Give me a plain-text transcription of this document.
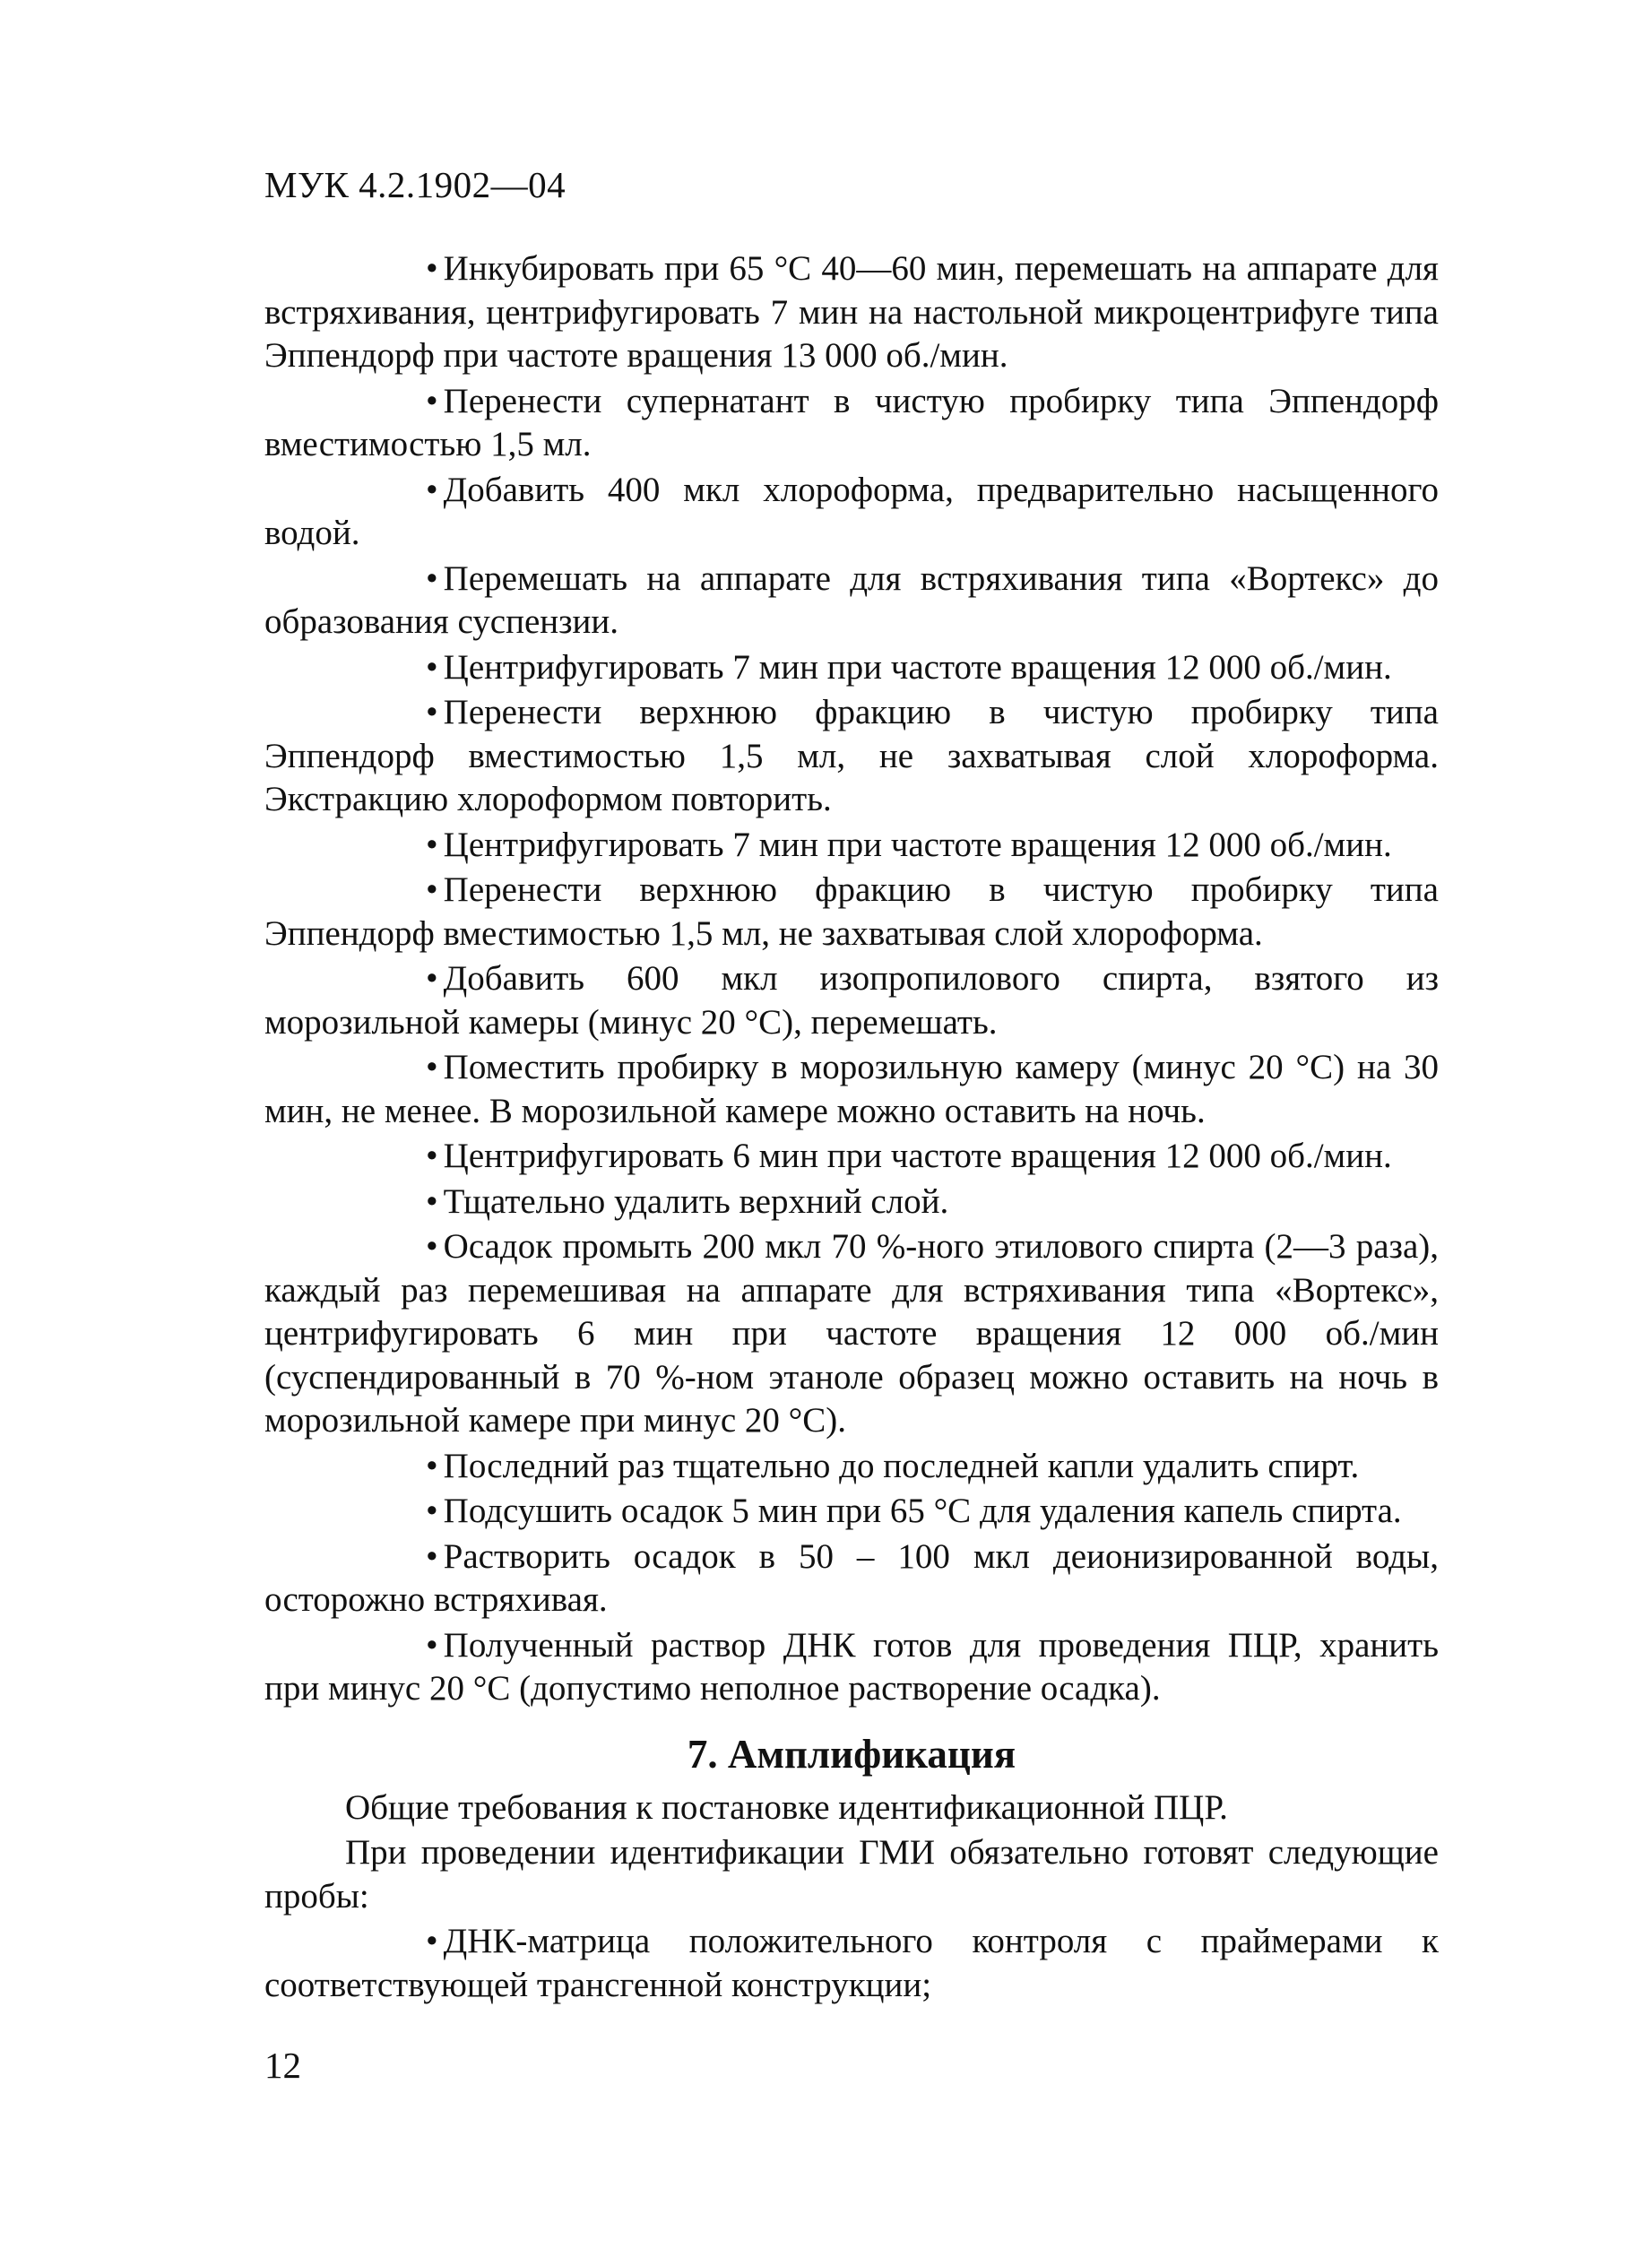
МУК 4.2.1902—04

• Инкубировать при 65 °С 40—60 мин, перемешать на аппарате для встряхивания, центрифугировать 7 мин на настольной микроцентрифуге типа Эппендорф при частоте вращения 13 000 об./мин.

• Перенести супернатант в чистую пробирку типа Эппендорф вместимостью 1,5 мл.

• Добавить 400 мкл хлороформа, предварительно насыщенного водой.

• Перемешать на аппарате для встряхивания типа «Вортекс» до образования суспензии.

• Центрифугировать 7 мин при частоте вращения 12 000 об./мин.

• Перенести верхнюю фракцию в чистую пробирку типа Эппендорф вместимостью 1,5 мл, не захватывая слой хлороформа. Экстракцию хлороформом повторить.

• Центрифугировать 7 мин при частоте вращения 12 000 об./мин.

• Перенести верхнюю фракцию в чистую пробирку типа Эппендорф вместимостью 1,5 мл, не захватывая слой хлороформа.

• Добавить 600 мкл изопропилового спирта, взятого из морозильной камеры (минус 20 °С), перемешать.

• Поместить пробирку в морозильную камеру (минус 20 °С) на 30 мин, не менее. В морозильной камере можно оставить на ночь.

• Центрифугировать 6 мин при частоте вращения 12 000 об./мин.

• Тщательно удалить верхний слой.

• Осадок промыть 200 мкл 70 %-ного этилового спирта (2—3 раза), каждый раз перемешивая на аппарате для встряхивания типа «Вортекс», центрифугировать 6 мин при частоте вращения 12 000 об./мин (суспендированный в 70 %-ном этаноле образец можно оставить на ночь в морозильной камере при минус 20 °С).

• Последний раз тщательно до последней капли удалить спирт.

• Подсушить осадок 5 мин при 65 °С для удаления капель спирта.

• Растворить осадок в 50 – 100 мкл деионизированной воды, осторожно встряхивая.

• Полученный раствор ДНК готов для проведения ПЦР, хранить при минус 20 °С (допустимо неполное растворение осадка).

7. Амплификация

Общие требования к постановке идентификационной ПЦР.

При проведении идентификации ГМИ обязательно готовят следующие пробы:

• ДНК-матрица положительного контроля с праймерами к соответствующей трансгенной конструкции;

12
